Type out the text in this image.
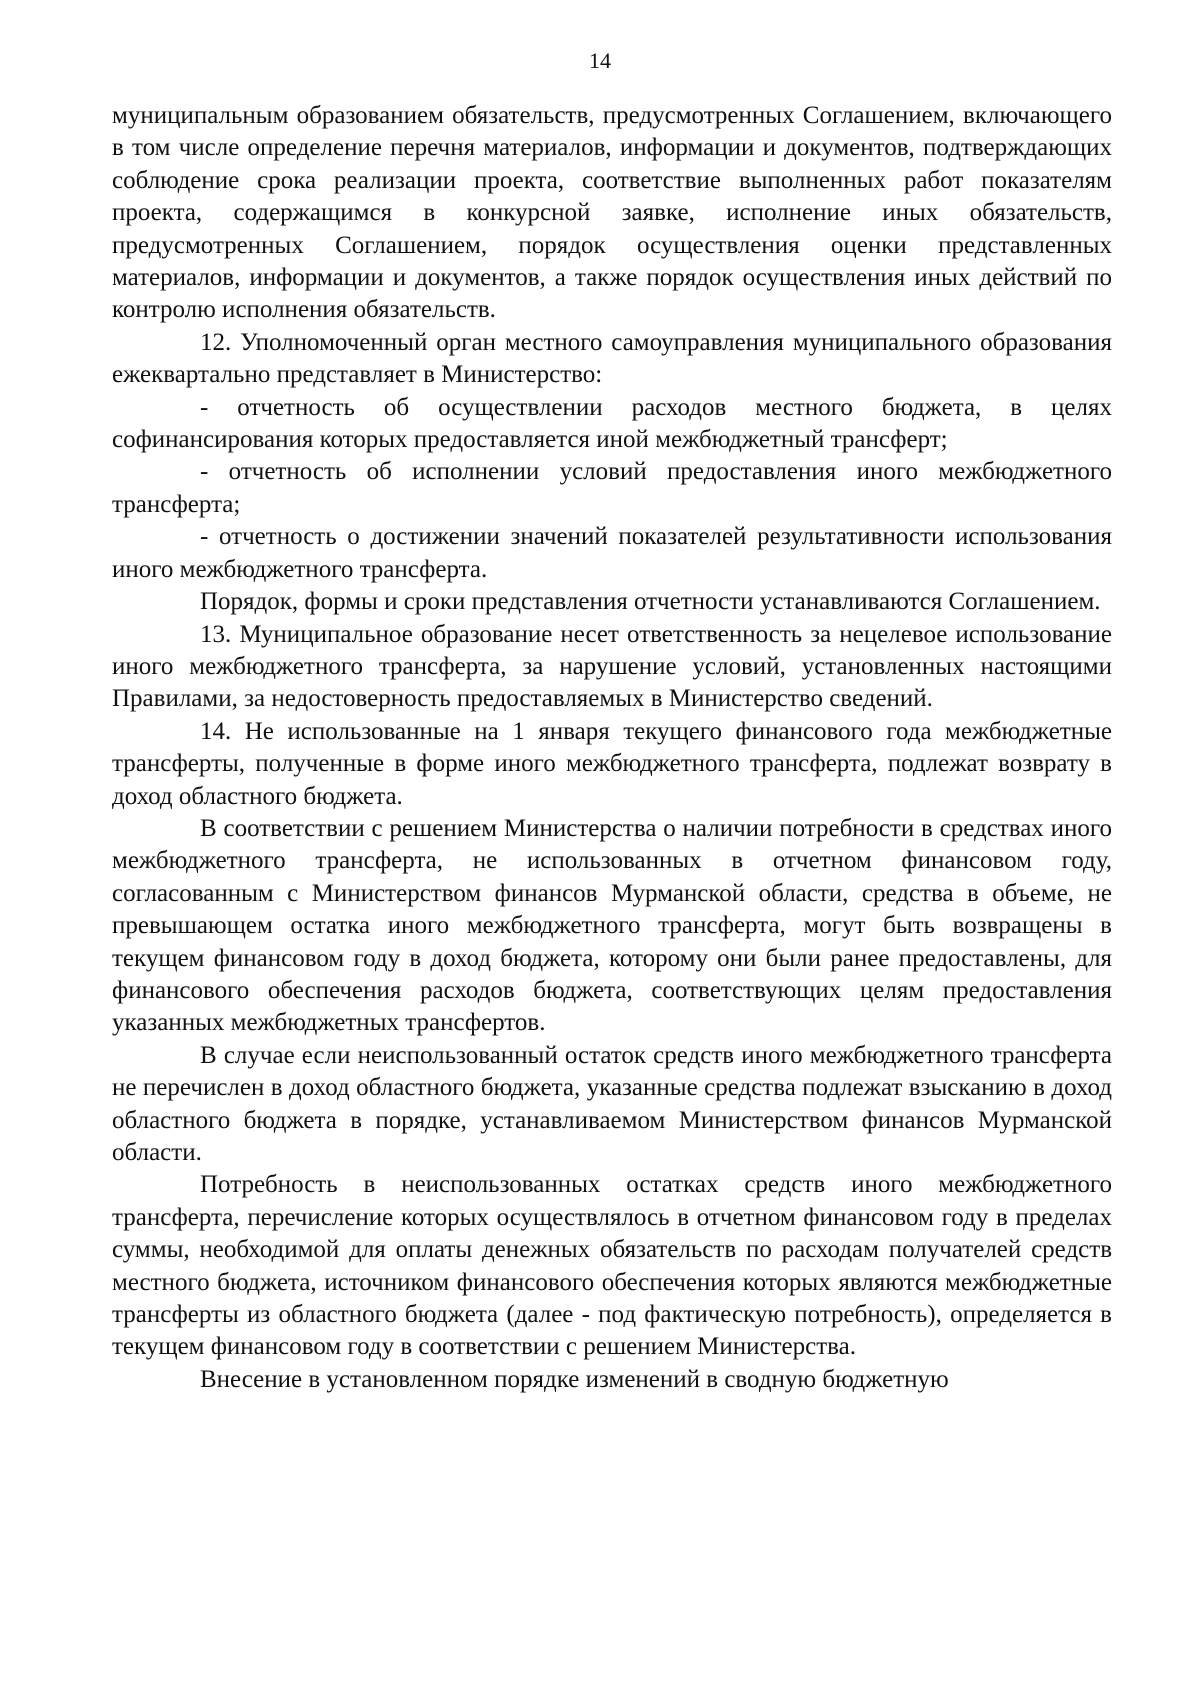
14

муниципальным образованием обязательств, предусмотренных Соглашением, включающего в том числе определение перечня материалов, информации и документов, подтверждающих соблюдение срока реализации проекта, соответствие выполненных работ показателям проекта, содержащимся в конкурсной заявке, исполнение иных обязательств, предусмотренных Соглашением, порядок осуществления оценки представленных материалов, информации и документов, а также порядок осуществления иных действий по контролю исполнения обязательств.

12. Уполномоченный орган местного самоуправления муниципального образования ежеквартально представляет в Министерство:

- отчетность об осуществлении расходов местного бюджета, в целях софинансирования которых предоставляется иной межбюджетный трансферт;

- отчетность об исполнении условий предоставления иного межбюджетного трансферта;

- отчетность о достижении значений показателей результативности использования иного межбюджетного трансферта.

Порядок, формы и сроки представления отчетности устанавливаются Соглашением.

13. Муниципальное образование несет ответственность за нецелевое использование иного межбюджетного трансферта, за нарушение условий, установленных настоящими Правилами, за недостоверность предоставляемых в Министерство сведений.

14. Не использованные на 1 января текущего финансового года межбюджетные трансферты, полученные в форме иного межбюджетного трансферта, подлежат возврату в доход областного бюджета.

В соответствии с решением Министерства о наличии потребности в средствах иного межбюджетного трансферта, не использованных в отчетном финансовом году, согласованным с Министерством финансов Мурманской области, средства в объеме, не превышающем остатка иного межбюджетного трансферта, могут быть возвращены в текущем финансовом году в доход бюджета, которому они были ранее предоставлены, для финансового обеспечения расходов бюджета, соответствующих целям предоставления указанных межбюджетных трансфертов.

В случае если неиспользованный остаток средств иного межбюджетного трансферта не перечислен в доход областного бюджета, указанные средства подлежат взысканию в доход областного бюджета в порядке, устанавливаемом Министерством финансов Мурманской области.

Потребность в неиспользованных остатках средств иного межбюджетного трансферта, перечисление которых осуществлялось в отчетном финансовом году в пределах суммы, необходимой для оплаты денежных обязательств по расходам получателей средств местного бюджета, источником финансового обеспечения которых являются межбюджетные трансферты из областного бюджета (далее - под фактическую потребность), определяется в текущем финансовом году в соответствии с решением Министерства.

Внесение в установленном порядке изменений в сводную бюджетную
